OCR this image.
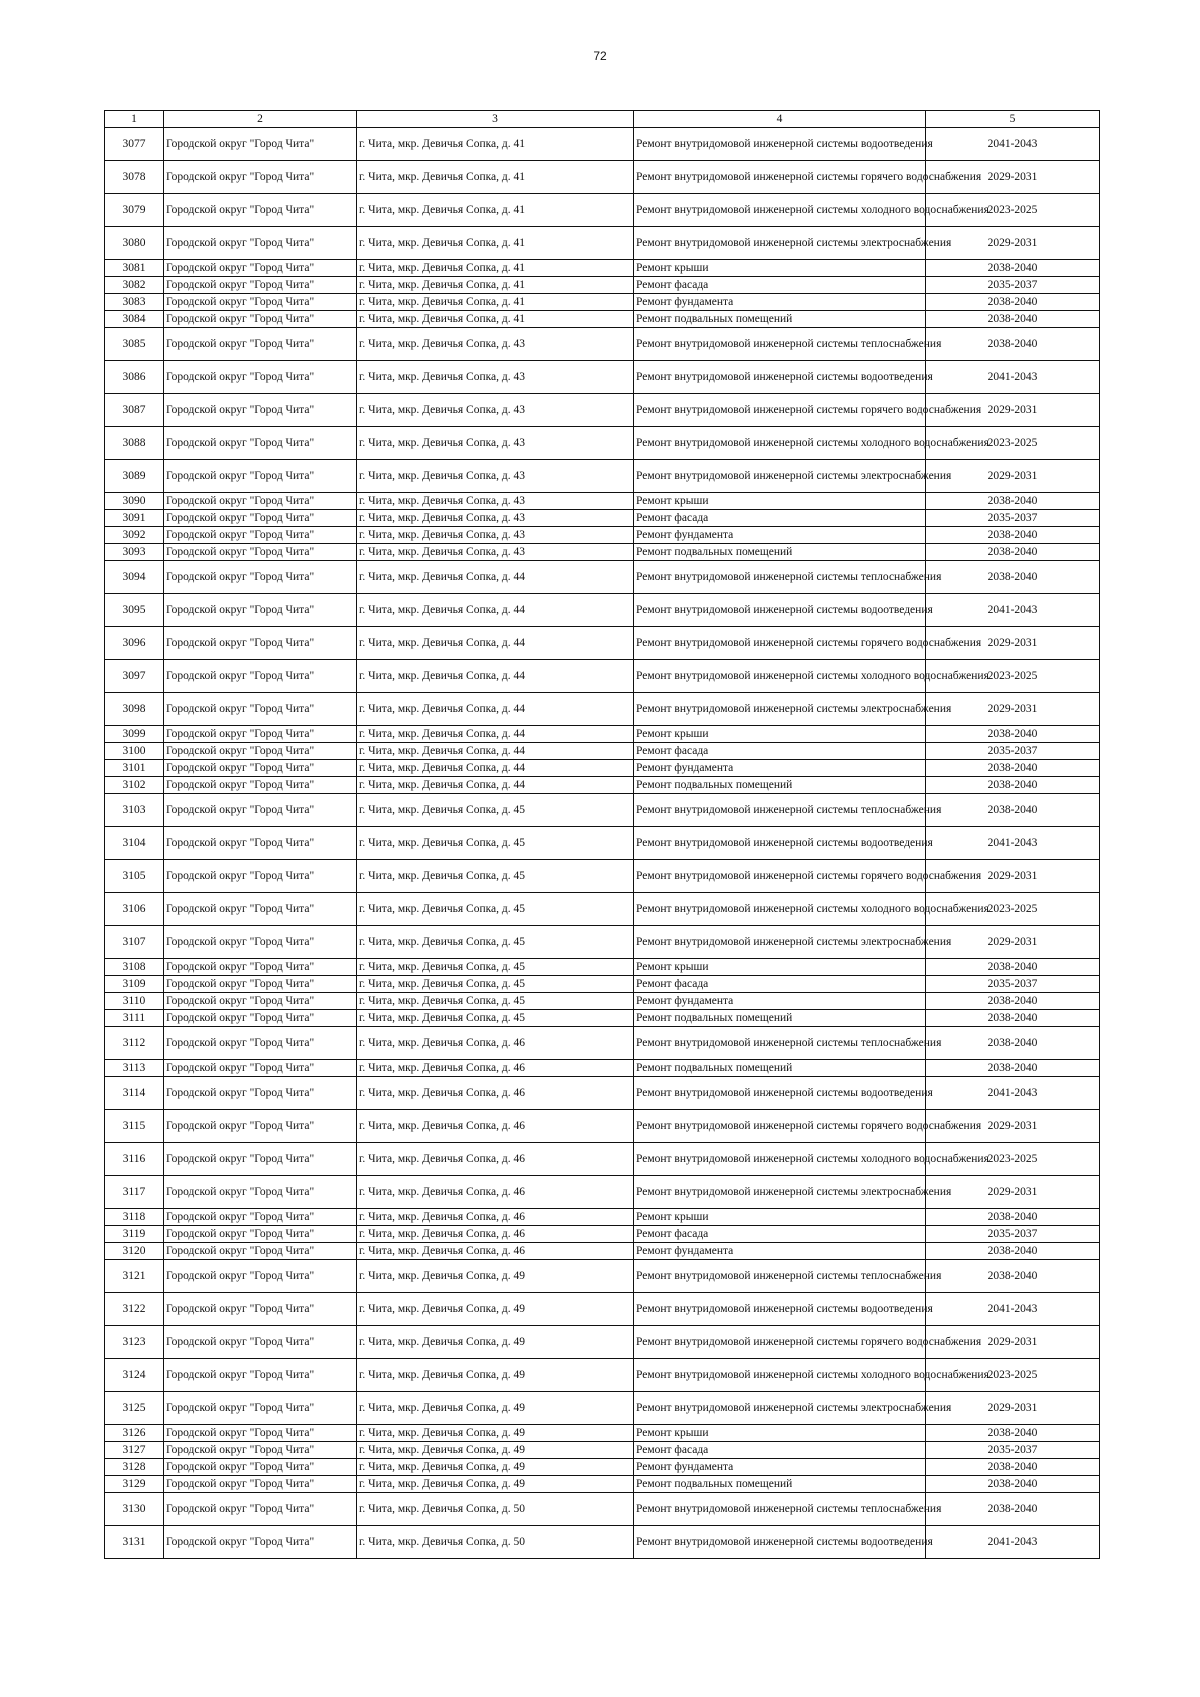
72
1	2	3	4	5
3077	Городской округ "Город Чита"	г. Чита, мкр. Девичья Сопка, д. 41	Ремонт внутридомовой инженерной системы водоотведения	2041-2043
3078	Городской округ "Город Чита"	г. Чита, мкр. Девичья Сопка, д. 41	Ремонт внутридомовой инженерной системы горячего водоснабжения	2029-2031
3079	Городской округ "Город Чита"	г. Чита, мкр. Девичья Сопка, д. 41	Ремонт внутридомовой инженерной системы холодного водоснабжения	2023-2025
3080	Городской округ "Город Чита"	г. Чита, мкр. Девичья Сопка, д. 41	Ремонт внутридомовой инженерной системы электроснабжения	2029-2031
3081	Городской округ "Город Чита"	г. Чита, мкр. Девичья Сопка, д. 41	Ремонт крыши	2038-2040
3082	Городской округ "Город Чита"	г. Чита, мкр. Девичья Сопка, д. 41	Ремонт фасада	2035-2037
3083	Городской округ "Город Чита"	г. Чита, мкр. Девичья Сопка, д. 41	Ремонт фундамента	2038-2040
3084	Городской округ "Город Чита"	г. Чита, мкр. Девичья Сопка, д. 41	Ремонт подвальных помещений	2038-2040
3085	Городской округ "Город Чита"	г. Чита, мкр. Девичья Сопка, д. 43	Ремонт внутридомовой инженерной системы теплоснабжения	2038-2040
3086	Городской округ "Город Чита"	г. Чита, мкр. Девичья Сопка, д. 43	Ремонт внутридомовой инженерной системы водоотведения	2041-2043
3087	Городской округ "Город Чита"	г. Чита, мкр. Девичья Сопка, д. 43	Ремонт внутридомовой инженерной системы горячего водоснабжения	2029-2031
3088	Городской округ "Город Чита"	г. Чита, мкр. Девичья Сопка, д. 43	Ремонт внутридомовой инженерной системы холодного водоснабжения	2023-2025
3089	Городской округ "Город Чита"	г. Чита, мкр. Девичья Сопка, д. 43	Ремонт внутридомовой инженерной системы электроснабжения	2029-2031
3090	Городской округ "Город Чита"	г. Чита, мкр. Девичья Сопка, д. 43	Ремонт крыши	2038-2040
3091	Городской округ "Город Чита"	г. Чита, мкр. Девичья Сопка, д. 43	Ремонт фасада	2035-2037
3092	Городской округ "Город Чита"	г. Чита, мкр. Девичья Сопка, д. 43	Ремонт фундамента	2038-2040
3093	Городской округ "Город Чита"	г. Чита, мкр. Девичья Сопка, д. 43	Ремонт подвальных помещений	2038-2040
3094	Городской округ "Город Чита"	г. Чита, мкр. Девичья Сопка, д. 44	Ремонт внутридомовой инженерной системы теплоснабжения	2038-2040
3095	Городской округ "Город Чита"	г. Чита, мкр. Девичья Сопка, д. 44	Ремонт внутридомовой инженерной системы водоотведения	2041-2043
3096	Городской округ "Город Чита"	г. Чита, мкр. Девичья Сопка, д. 44	Ремонт внутридомовой инженерной системы горячего водоснабжения	2029-2031
3097	Городской округ "Город Чита"	г. Чита, мкр. Девичья Сопка, д. 44	Ремонт внутридомовой инженерной системы холодного водоснабжения	2023-2025
3098	Городской округ "Город Чита"	г. Чита, мкр. Девичья Сопка, д. 44	Ремонт внутридомовой инженерной системы электроснабжения	2029-2031
3099	Городской округ "Город Чита"	г. Чита, мкр. Девичья Сопка, д. 44	Ремонт крыши	2038-2040
3100	Городской округ "Город Чита"	г. Чита, мкр. Девичья Сопка, д. 44	Ремонт фасада	2035-2037
3101	Городской округ "Город Чита"	г. Чита, мкр. Девичья Сопка, д. 44	Ремонт фундамента	2038-2040
3102	Городской округ "Город Чита"	г. Чита, мкр. Девичья Сопка, д. 44	Ремонт подвальных помещений	2038-2040
3103	Городской округ "Город Чита"	г. Чита, мкр. Девичья Сопка, д. 45	Ремонт внутридомовой инженерной системы теплоснабжения	2038-2040
3104	Городской округ "Город Чита"	г. Чита, мкр. Девичья Сопка, д. 45	Ремонт внутридомовой инженерной системы водоотведения	2041-2043
3105	Городской округ "Город Чита"	г. Чита, мкр. Девичья Сопка, д. 45	Ремонт внутридомовой инженерной системы горячего водоснабжения	2029-2031
3106	Городской округ "Город Чита"	г. Чита, мкр. Девичья Сопка, д. 45	Ремонт внутридомовой инженерной системы холодного водоснабжения	2023-2025
3107	Городской округ "Город Чита"	г. Чита, мкр. Девичья Сопка, д. 45	Ремонт внутридомовой инженерной системы электроснабжения	2029-2031
3108	Городской округ "Город Чита"	г. Чита, мкр. Девичья Сопка, д. 45	Ремонт крыши	2038-2040
3109	Городской округ "Город Чита"	г. Чита, мкр. Девичья Сопка, д. 45	Ремонт фасада	2035-2037
3110	Городской округ "Город Чита"	г. Чита, мкр. Девичья Сопка, д. 45	Ремонт фундамента	2038-2040
3111	Городской округ "Город Чита"	г. Чита, мкр. Девичья Сопка, д. 45	Ремонт подвальных помещений	2038-2040
3112	Городской округ "Город Чита"	г. Чита, мкр. Девичья Сопка, д. 46	Ремонт внутридомовой инженерной системы теплоснабжения	2038-2040
3113	Городской округ "Город Чита"	г. Чита, мкр. Девичья Сопка, д. 46	Ремонт подвальных помещений	2038-2040
3114	Городской округ "Город Чита"	г. Чита, мкр. Девичья Сопка, д. 46	Ремонт внутридомовой инженерной системы водоотведения	2041-2043
3115	Городской округ "Город Чита"	г. Чита, мкр. Девичья Сопка, д. 46	Ремонт внутридомовой инженерной системы горячего водоснабжения	2029-2031
3116	Городской округ "Город Чита"	г. Чита, мкр. Девичья Сопка, д. 46	Ремонт внутридомовой инженерной системы холодного водоснабжения	2023-2025
3117	Городской округ "Город Чита"	г. Чита, мкр. Девичья Сопка, д. 46	Ремонт внутридомовой инженерной системы электроснабжения	2029-2031
3118	Городской округ "Город Чита"	г. Чита, мкр. Девичья Сопка, д. 46	Ремонт крыши	2038-2040
3119	Городской округ "Город Чита"	г. Чита, мкр. Девичья Сопка, д. 46	Ремонт фасада	2035-2037
3120	Городской округ "Город Чита"	г. Чита, мкр. Девичья Сопка, д. 46	Ремонт фундамента	2038-2040
3121	Городской округ "Город Чита"	г. Чита, мкр. Девичья Сопка, д. 49	Ремонт внутридомовой инженерной системы теплоснабжения	2038-2040
3122	Городской округ "Город Чита"	г. Чита, мкр. Девичья Сопка, д. 49	Ремонт внутридомовой инженерной системы водоотведения	2041-2043
3123	Городской округ "Город Чита"	г. Чита, мкр. Девичья Сопка, д. 49	Ремонт внутридомовой инженерной системы горячего водоснабжения	2029-2031
3124	Городской округ "Город Чита"	г. Чита, мкр. Девичья Сопка, д. 49	Ремонт внутридомовой инженерной системы холодного водоснабжения	2023-2025
3125	Городской округ "Город Чита"	г. Чита, мкр. Девичья Сопка, д. 49	Ремонт внутридомовой инженерной системы электроснабжения	2029-2031
3126	Городской округ "Город Чита"	г. Чита, мкр. Девичья Сопка, д. 49	Ремонт крыши	2038-2040
3127	Городской округ "Город Чита"	г. Чита, мкр. Девичья Сопка, д. 49	Ремонт фасада	2035-2037
3128	Городской округ "Город Чита"	г. Чита, мкр. Девичья Сопка, д. 49	Ремонт фундамента	2038-2040
3129	Городской округ "Город Чита"	г. Чита, мкр. Девичья Сопка, д. 49	Ремонт подвальных помещений	2038-2040
3130	Городской округ "Город Чита"	г. Чита, мкр. Девичья Сопка, д. 50	Ремонт внутридомовой инженерной системы теплоснабжения	2038-2040
3131	Городской округ "Город Чита"	г. Чита, мкр. Девичья Сопка, д. 50	Ремонт внутридомовой инженерной системы водоотведения	2041-2043
